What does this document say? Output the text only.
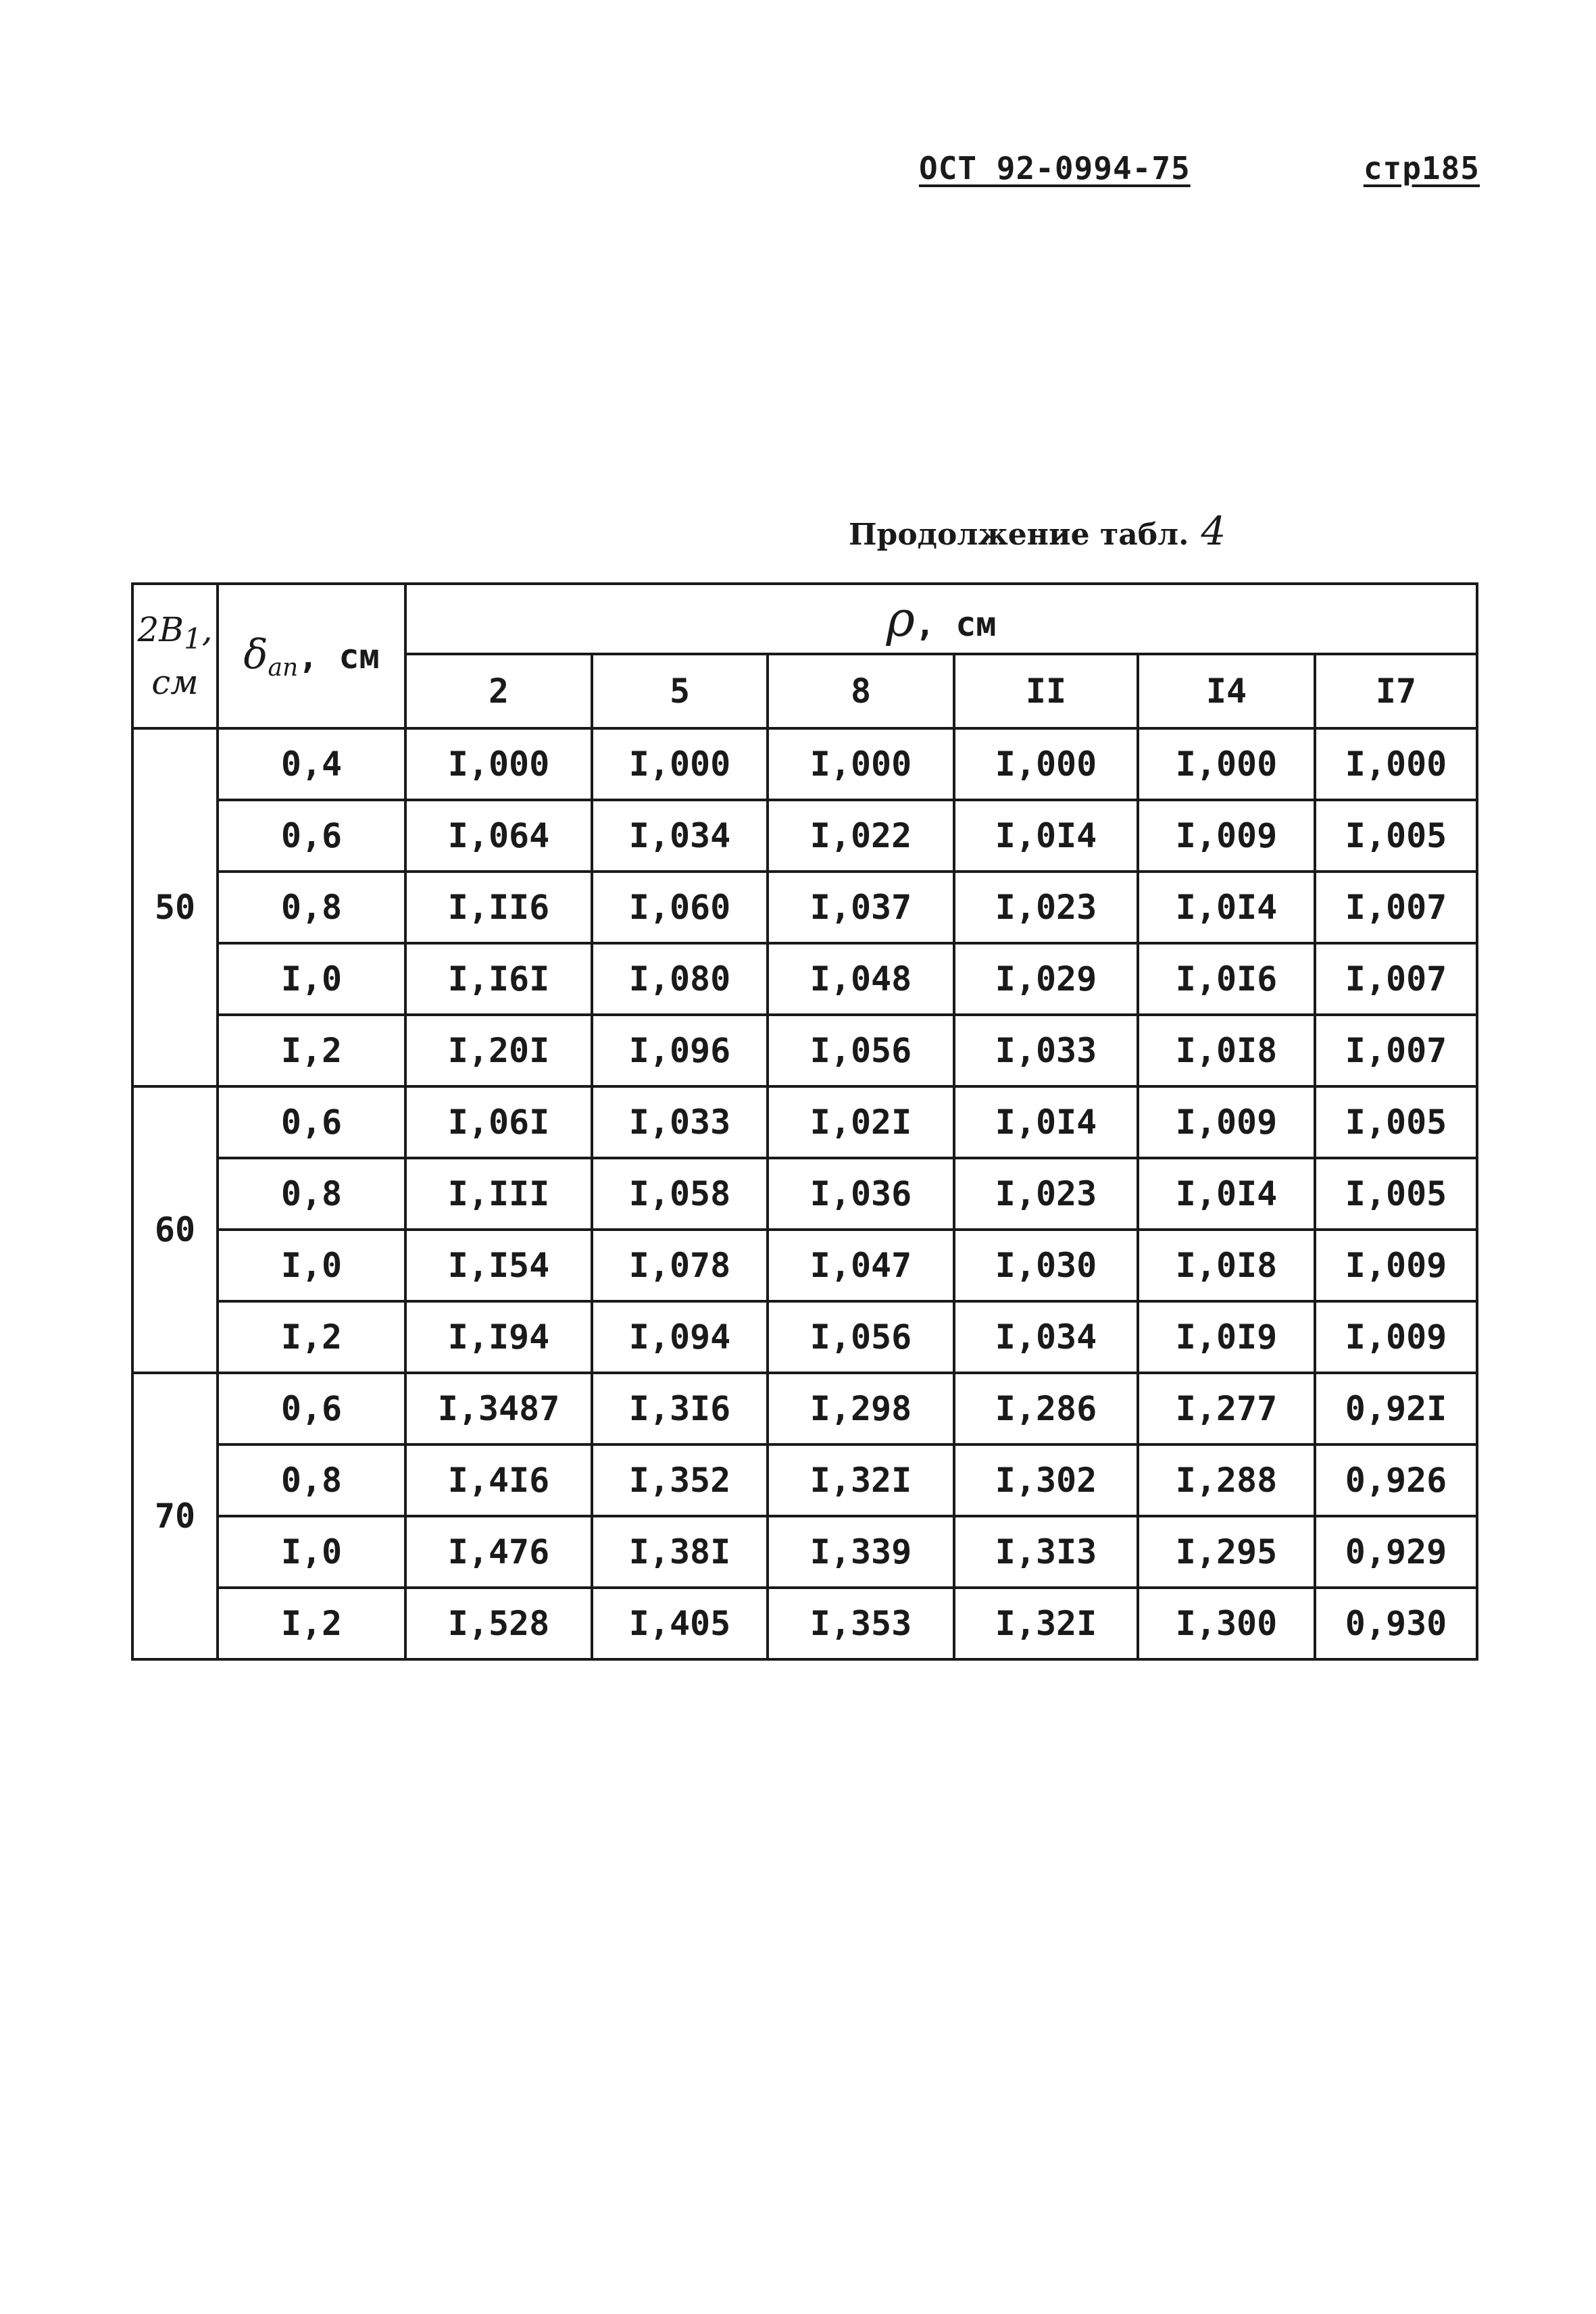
ОСТ 92-0994-75	стр185
Продолжение табл. 4
$2B_1$,
см	$\delta_{ап}$, см	ρ, см					
		2	5	8	II	I4	I7
50	0,4	I,000	I,000	I,000	I,000	I,000	I,000
	0,6	I,064	I,034	I,022	I,0I4	I,009	I,005
	0,8	I,II6	I,060	I,037	I,023	I,0I4	I,007
	I,0	I,I6I	I,080	I,048	I,029	I,0I6	I,007
	I,2	I,20I	I,096	I,056	I,033	I,0I8	I,007
60	0,6	I,06I	I,033	I,02I	I,0I4	I,009	I,005
	0,8	I,III	I,058	I,036	I,023	I,0I4	I,005
	I,0	I,I54	I,078	I,047	I,030	I,0I8	I,009
	I,2	I,I94	I,094	I,056	I,034	I,0I9	I,009
70	0,6	I,3487	I,3I6	I,298	I,286	I,277	0,92I
	0,8	I,4I6	I,352	I,32I	I,302	I,288	0,926
	I,0	I,476	I,38I	I,339	I,3I3	I,295	0,929
	I,2	I,528	I,405	I,353	I,32I	I,300	0,930
